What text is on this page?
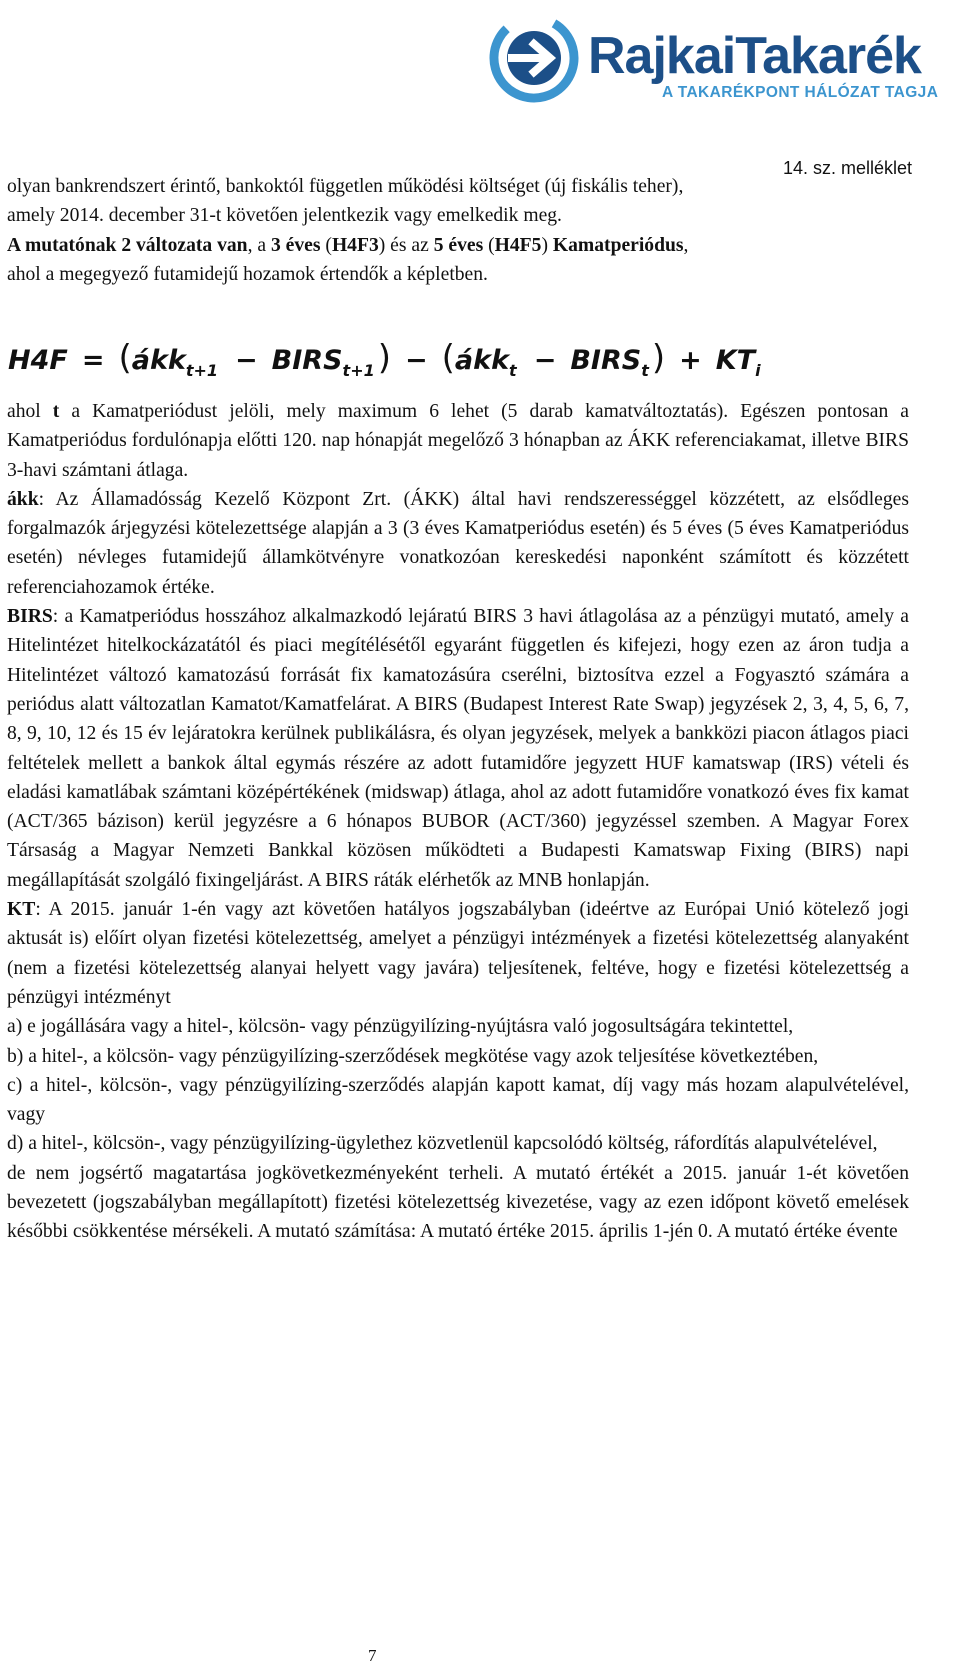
RajkaiTakarék
A TAKARÉKPONT HÁLÓZAT TAGJA
14. sz. melléklet

olyan bankrendszert érintő, bankoktól független működési költséget (új fiskális teher),

amely 2014. december 31-t követően jelentkezik vagy emelkedik meg.

A mutatónak 2 változata van, a 3 éves (H4F3) és az 5 éves (H4F5) Kamatperiódus,

ahol a megegyező futamidejű hozamok értendők a képletben.

H4F = (ákk$_{t+1}$ − $BIRS_{t+1}$) − (ákk$_t$ − $BIRS_t) + KT_i$

ahol t a Kamatperiódust jelöli, mely maximum 6 lehet (5 darab kamatváltoztatás). Egészen pontosan a Kamatperiódus fordulónapja előtti 120. nap hónapját megelőző 3 hónapban az ÁKK referenciakamat, illetve BIRS 3-havi számtani átlaga.

ákk: Az Államadósság Kezelő Központ Zrt. (ÁKK) által havi rendszerességgel közzétett, az elsődleges forgalmazók árjegyzési kötelezettsége alapján a 3 (3 éves Kamatperiódus esetén) és 5 éves (5 éves Kamatperiódus esetén) névleges futamidejű államkötvényre vonatkozóan kereskedési naponként számított és közzétett referenciahozamok értéke.

BIRS: a Kamatperiódus hosszához alkalmazkodó lejáratú BIRS 3 havi átlagolása az a pénzügyi mutató, amely a Hitelintézet hitelkockázatától és piaci megítélésétől egyaránt független és kifejezi, hogy ezen az áron tudja a Hitelintézet változó kamatozású forrását fix kamatozásúra cserélni, biztosítva ezzel a Fogyasztó számára a periódus alatt változatlan Kamatot/Kamatfelárat. A BIRS (Budapest Interest Rate Swap) jegyzések 2, 3, 4, 5, 6, 7, 8, 9, 10, 12 és 15 év lejáratokra kerülnek publikálásra, és olyan jegyzések, melyek a bankközi piacon átlagos piaci feltételek mellett a bankok által egymás részére az adott futamidőre jegyzett HUF kamatswap (IRS) vételi és eladási kamatlábak számtani középértékének (midswap) átlaga, ahol az adott futamidőre vonatkozó éves fix kamat (ACT/365 bázison) kerül jegyzésre a 6 hónapos BUBOR (ACT/360) jegyzéssel szemben. A Magyar Forex Társaság a Magyar Nemzeti Bankkal közösen működteti a Budapesti Kamatswap Fixing (BIRS) napi megállapítását szolgáló fixingeljárást. A BIRS ráták elérhetők az MNB honlapján.

KT: A 2015. január 1-én vagy azt követően hatályos jogszabályban (ideértve az Európai Unió kötelező jogi aktusát is) előírt olyan fizetési kötelezettség, amelyet a pénzügyi intézmények a fizetési kötelezettség alanyaként (nem a fizetési kötelezettség alanyai helyett vagy javára) teljesítenek, feltéve, hogy e fizetési kötelezettség a pénzügyi intézményt

a) e jogállására vagy a hitel-, kölcsön- vagy pénzügyilízing-nyújtásra való jogosultságára tekintettel,

b) a hitel-, a kölcsön- vagy pénzügyilízing-szerződések megkötése vagy azok teljesítése következtében,

c) a hitel-, kölcsön-, vagy pénzügyilízing-szerződés alapján kapott kamat, díj vagy más hozam alapulvételével, vagy

d) a hitel-, kölcsön-, vagy pénzügyilízing-ügylethez közvetlenül kapcsolódó költség, ráfordítás alapulvételével,

de nem jogsértő magatartása jogkövetkezményeként terheli. A mutató értékét a 2015. január 1-ét követően bevezetett (jogszabályban megállapított) fizetési kötelezettség kivezetése, vagy az ezen időpont követő emelések későbbi csökkentése mérsékeli. A mutató számítása: A mutató értéke 2015. április 1-jén 0. A mutató értéke évente

7
